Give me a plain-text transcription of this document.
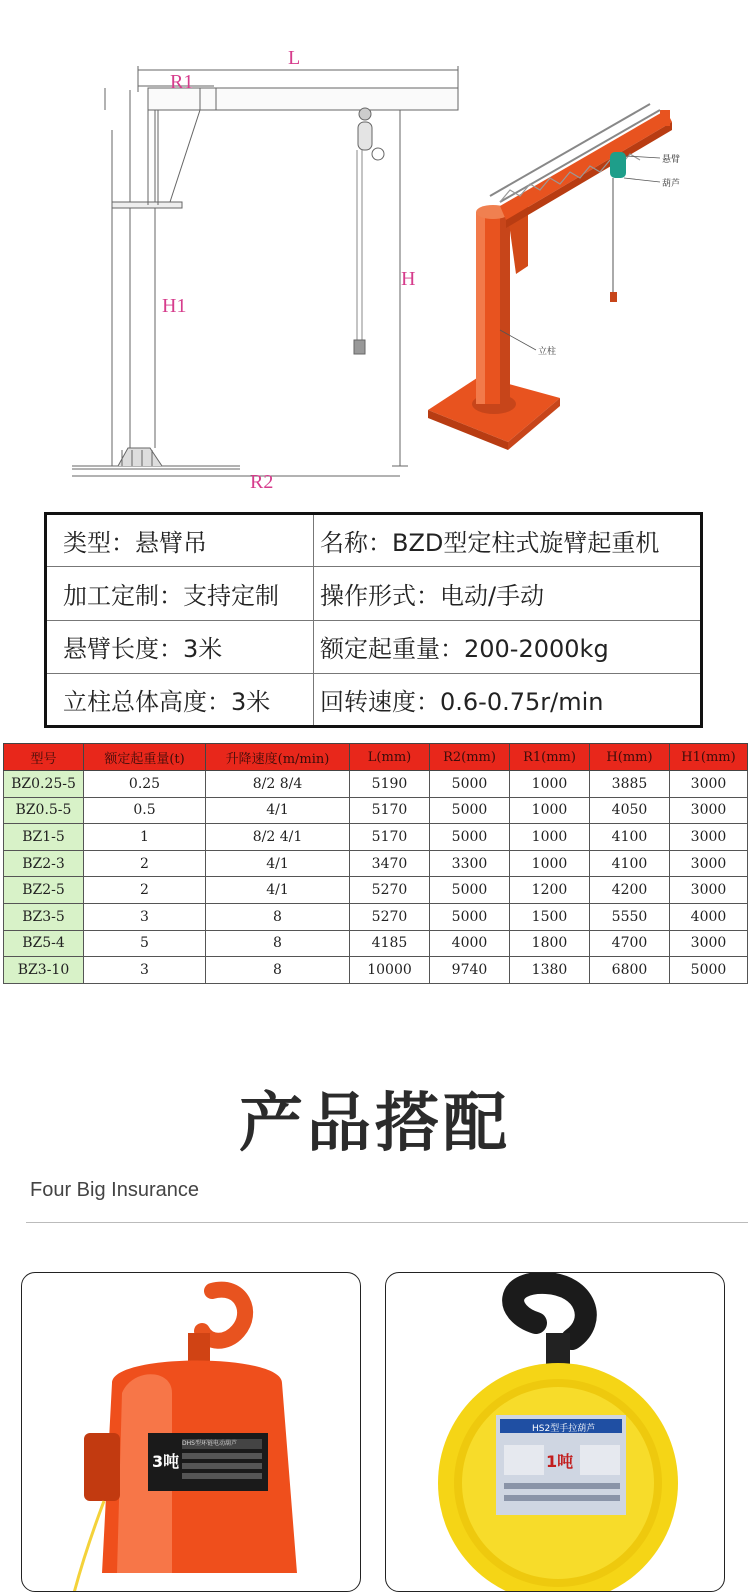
L
R1
H
H1
R2
悬臂
葫芦
立柱
类型：悬臂吊	名称：BZD型定柱式旋臂起重机
加工定制：支持定制	操作形式：电动/手动
悬臂长度：3米	额定起重量：200-2000kg
立柱总体高度：3米	回转速度：0.6-0.75r/min
型号	额定起重量(t)	升降速度(m/min)	L(mm)	R2(mm)	R1(mm)	H(mm)	H1(mm)
BZ0.25-5	0.25	8/2 8/4	5190	5000	1000	3885	3000
BZ0.5-5	0.5	4/1	5170	5000	1000	4050	3000
BZ1-5	1	8/2 4/1	5170	5000	1000	4100	3000
BZ2-3	2	4/1	3470	3300	1000	4100	3000
BZ2-5	2	4/1	5270	5000	1200	4200	3000
BZ3-5	3	8	5270	5000	1500	5550	4000
BZ5-4	5	8	4185	4000	1800	4700	3000
BZ3-10	3	8	10000	9740	1380	6800	5000
产品搭配
Four Big Insurance
DHS型环链电动葫芦
3吨
HS2型手拉葫芦
1吨
